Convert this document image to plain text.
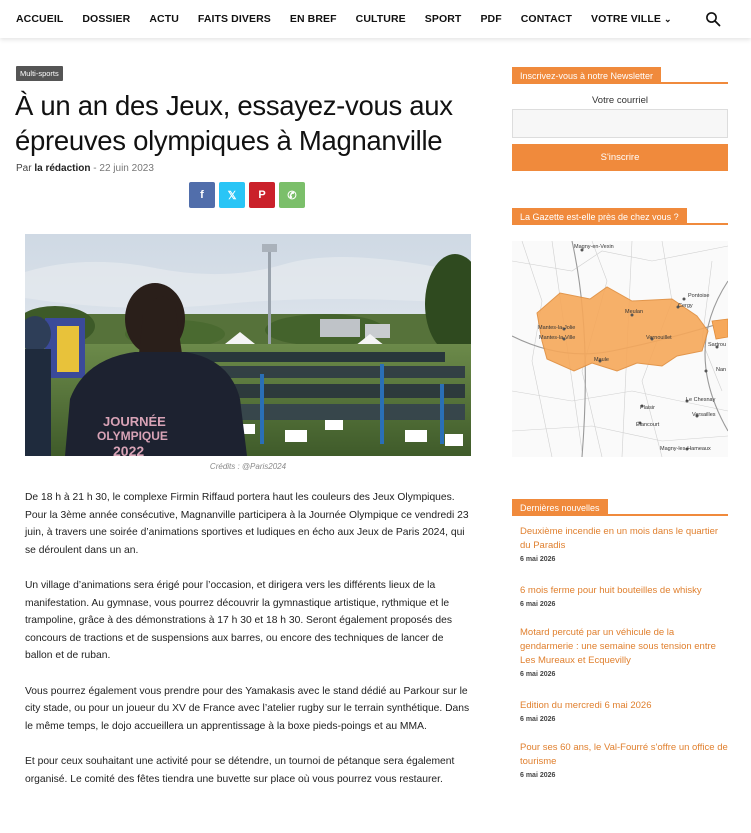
ACCUEIL DOSSIER ACTU FAITS DIVERS EN BREF CULTURE SPORT PDF CONTACT VOTRE VILLE ⌄
Multi-sports
À un an des Jeux, essayez-vous aux épreuves olympiques à Magnanville
Par la rédaction - 22 juin 2023
f 𝕏 P ✆
JOURNÉE
OLYMPIQUE
2022
Crédits : @Paris2024

De 18 h à 21 h 30, le complexe Firmin Riffaud portera haut les couleurs des Jeux Olympiques. Pour la 3ème année consécutive, Magnanville participera à la Journée Olympique ce vendredi 23 juin, à travers une soirée d’animations sportives et ludiques en écho aux Jeux de Paris 2024, qui se déroulent dans un an.

Un village d’animations sera érigé pour l’occasion, et dirigera vers les différents lieux de la manifestation. Au gymnase, vous pourrez découvrir la gymnastique artistique, rythmique et le trampoline, grâce à des démonstrations à 17 h 30 et 18 h 30. Seront également proposés des concours de tractions et de suspensions aux barres, ou encore des techniques de lancer de ballon et de ruban.

Vous pourrez également vous prendre pour des Yamakasis avec le stand dédié au Parkour sur le city stade, ou pour un joueur du XV de France avec l’atelier rugby sur le terrain synthétique. Dans le même temps, le dojo accueillera un apprentissage à la boxe pieds-poings et au MMA.

Et pour ceux souhaitant une activité pour se détendre, un tournoi de pétanque sera également organisé. Le comité des fêtes tiendra une buvette sur place où vous pourrez vous restaurer.

Inscrivez-vous à notre Newsletter
Votre courriel
S'inscrire
La Gazette est-elle près de chez vous ?
Magny-en-Vexin
Pontoise
Cergy
Meulan
Mantes-la-Jolie
Mantes-la-Ville	Vernouillet
Sartrou
Maule
Nan
Le Chesnay
Versailles
Plaisir
Élancourt
Magny-les-Hameaux
Dernières nouvelles
Deuxième incendie en un mois dans le quartier du Paradis
6 mai 2026
6 mois ferme pour huit bouteilles de whisky
6 mai 2026
Motard percuté par un véhicule de la gendarmerie : une semaine sous tension entre Les Mureaux et Ecquevilly
6 mai 2026
Edition du mercredi 6 mai 2026
6 mai 2026
Pour ses 60 ans, le Val-Fourré s'offre un office de tourisme
6 mai 2026
